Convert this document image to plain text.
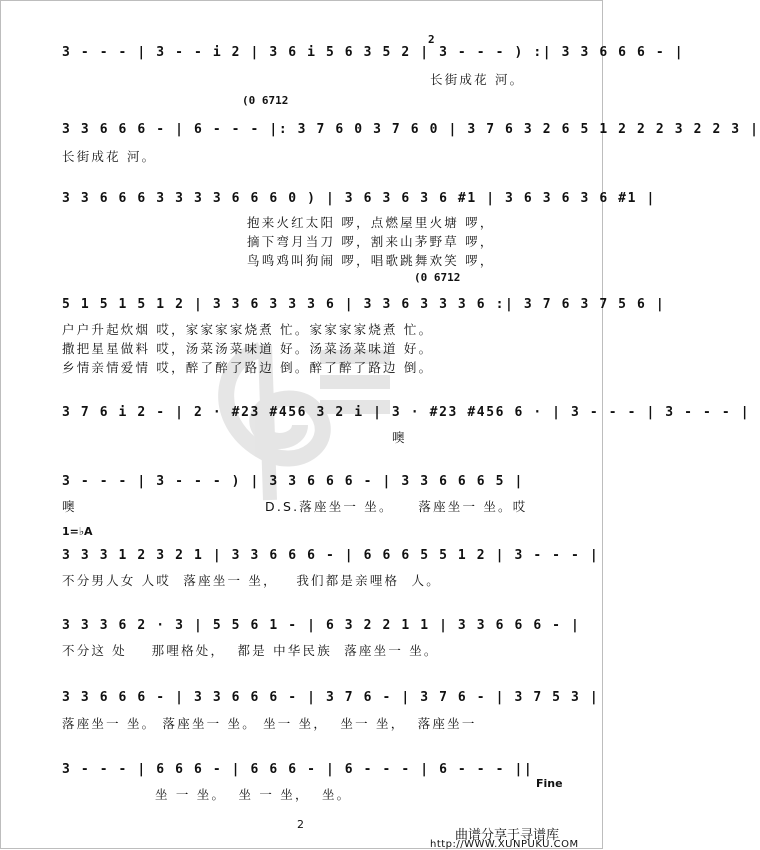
3 - - - | 3 - - i 2 | 3 6 i 5 6 3 5 2 | 3 - - - ) :| 3 3 6 6 6 - |
长街成花 河。
2
(0 6712
3 3 6 6 6 - | 6 - - - |: 3 7 6 0 3 7 6 0 | 3 7 6 3 2 6 5 1 2 2 2 3 2 2 3 |
长街成花 河。
3 3 6 6 6 3 3 3 3 6 6 6 0 ) | 3 6 3 6 3 6 #1 | 3 6 3 6 3 6 #1 |
抱来火红太阳 啰，点燃屋里火塘 啰，
摘下弯月当刀 啰，割来山茅野草 啰，
鸟鸣鸡叫狗闹 啰，唱歌跳舞欢笑 啰，
(0 6712
5 1 5 1 5 1 2 | 3 3 6 3 3 3 6 | 3 3 6 3 3 3 6 :| 3 7 6 3 7 5 6 |
户户升起炊烟 哎，家家家家烧煮 忙。家家家家烧煮 忙。
撒把星星做料 哎，汤菜汤菜味道 好。汤菜汤菜味道 好。
乡情亲情爱情 哎，醉了醉了路边 倒。醉了醉了路边 倒。
3 7 6 i 2 - | 2 · #23 #456 3 2 i | 3 · #23 #456 6 · | 3 - - - | 3 - - - |
噢
3 - - - | 3 - - - ) | 3 3 6 6 6 - | 3 3 6 6 6 5 |
噢	D.S.落座坐一 坐。    落座坐一 坐。哎
1=♭A
3 3 3 1 2 3 2 1 | 3 3 6 6 6 - | 6 6 6 5 5 1 2 | 3 - - - |
不分男人女 人哎  落座坐一 坐，   我们都是亲哩格  人。
3 3 3 6 2 · 3 | 5 5 6 1 - | 6 3 2 2 1 1 | 3 3 6 6 6 - |
不分这 处    那哩格处，  都是 中华民族  落座坐一 坐。
3 3 6 6 6 - | 3 3 6 6 6 - | 3 7 6 - | 3 7 6 - | 3 7 5 3 |
落座坐一 坐。 落座坐一 坐。 坐一 坐，  坐一 坐，  落座坐一
3 - - - | 6 6 6 - | 6 6 6 - | 6 - - - | 6 - - - ||
坐 一 坐。  坐 一 坐，  坐。
Fine
2
曲谱分享于寻谱库
http://WWW.XUNPUKU.COM
